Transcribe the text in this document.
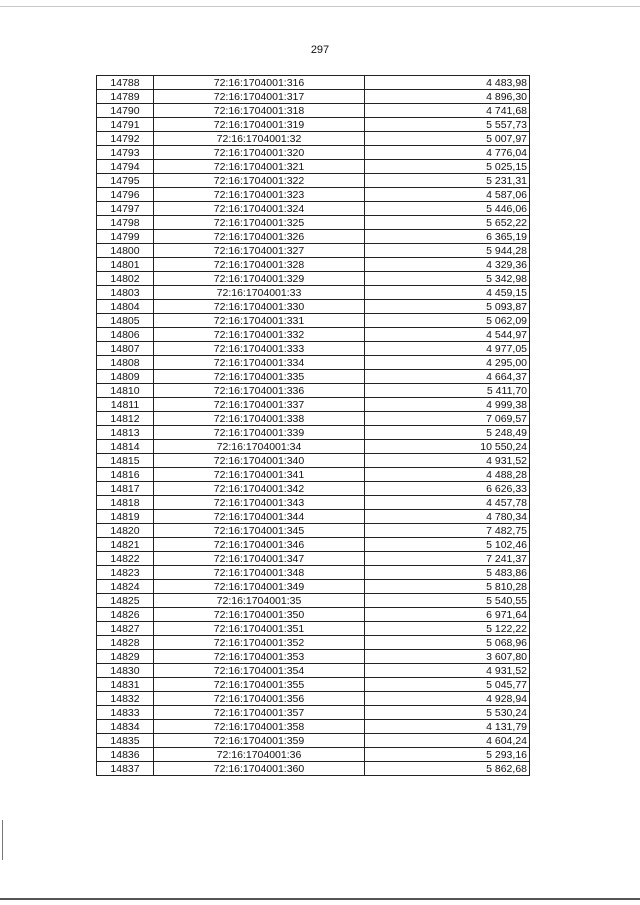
297
14788	72:16:1704001:316	4 483,98
14789	72:16:1704001:317	4 896,30
14790	72:16:1704001:318	4 741,68
14791	72:16:1704001:319	5 557,73
14792	72:16:1704001:32	5 007,97
14793	72:16:1704001:320	4 776,04
14794	72:16:1704001:321	5 025,15
14795	72:16:1704001:322	5 231,31
14796	72:16:1704001:323	4 587,06
14797	72:16:1704001:324	5 446,06
14798	72:16:1704001:325	5 652,22
14799	72:16:1704001:326	6 365,19
14800	72:16:1704001:327	5 944,28
14801	72:16:1704001:328	4 329,36
14802	72:16:1704001:329	5 342,98
14803	72:16:1704001:33	4 459,15
14804	72:16:1704001:330	5 093,87
14805	72:16:1704001:331	5 062,09
14806	72:16:1704001:332	4 544,97
14807	72:16:1704001:333	4 977,05
14808	72:16:1704001:334	4 295,00
14809	72:16:1704001:335	4 664,37
14810	72:16:1704001:336	5 411,70
14811	72:16:1704001:337	4 999,38
14812	72:16:1704001:338	7 069,57
14813	72:16:1704001:339	5 248,49
14814	72:16:1704001:34	10 550,24
14815	72:16:1704001:340	4 931,52
14816	72:16:1704001:341	4 488,28
14817	72:16:1704001:342	6 626,33
14818	72:16:1704001:343	4 457,78
14819	72:16:1704001:344	4 780,34
14820	72:16:1704001:345	7 482,75
14821	72:16:1704001:346	5 102,46
14822	72:16:1704001:347	7 241,37
14823	72:16:1704001:348	5 483,86
14824	72:16:1704001:349	5 810,28
14825	72:16:1704001:35	5 540,55
14826	72:16:1704001:350	6 971,64
14827	72:16:1704001:351	5 122,22
14828	72:16:1704001:352	5 068,96
14829	72:16:1704001:353	3 607,80
14830	72:16:1704001:354	4 931,52
14831	72:16:1704001:355	5 045,77
14832	72:16:1704001:356	4 928,94
14833	72:16:1704001:357	5 530,24
14834	72:16:1704001:358	4 131,79
14835	72:16:1704001:359	4 604,24
14836	72:16:1704001:36	5 293,16
14837	72:16:1704001:360	5 862,68
